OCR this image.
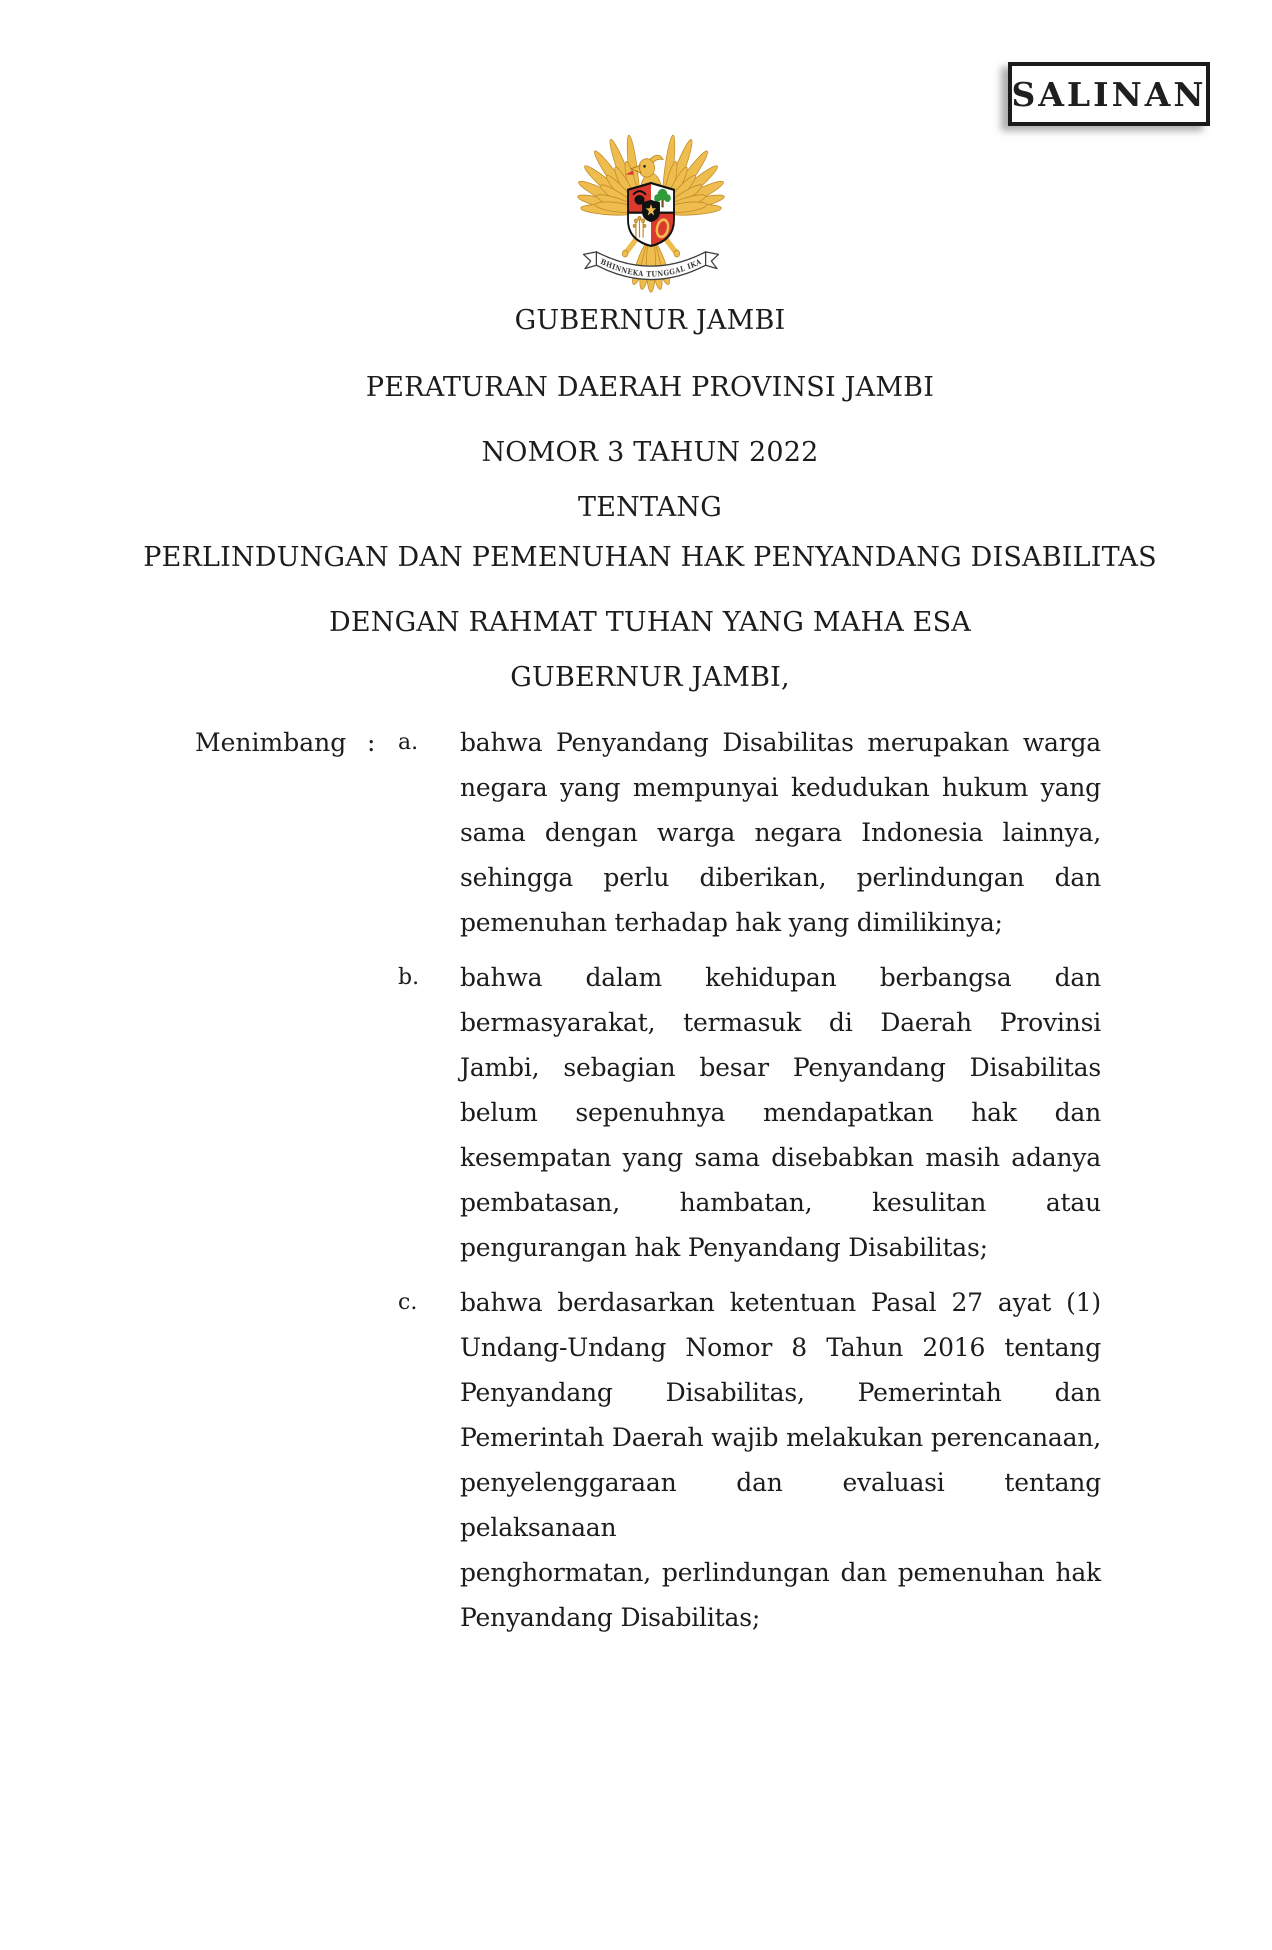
SALINAN
BHINNEKA TUNGGAL IKA
GUBERNUR JAMBI
PERATURAN DAERAH PROVINSI JAMBI
NOMOR 3 TAHUN 2022
TENTANG
PERLINDUNGAN DAN PEMENUHAN HAK PENYANDANG DISABILITAS
DENGAN RAHMAT TUHAN YANG MAHA ESA
GUBERNUR JAMBI,
Menimbang : a. bahwa Penyandang Disabilitas merupakan warga
negara yang mempunyai kedudukan hukum yang
sama dengan warga negara Indonesia lainnya,
sehingga perlu diberikan, perlindungan dan
pemenuhan terhadap hak yang dimilikinya;
b. bahwa dalam kehidupan berbangsa dan
bermasyarakat, termasuk di Daerah Provinsi
Jambi, sebagian besar Penyandang Disabilitas
belum sepenuhnya mendapatkan hak dan
kesempatan yang sama disebabkan masih adanya
pembatasan, hambatan, kesulitan atau
pengurangan hak Penyandang Disabilitas;
c. bahwa berdasarkan ketentuan Pasal 27 ayat (1)
Undang-Undang Nomor 8 Tahun 2016 tentang
Penyandang Disabilitas, Pemerintah dan
Pemerintah Daerah wajib melakukan perencanaan,
penyelenggaraan dan evaluasi tentang pelaksanaan
penghormatan, perlindungan dan pemenuhan hak
Penyandang Disabilitas;
